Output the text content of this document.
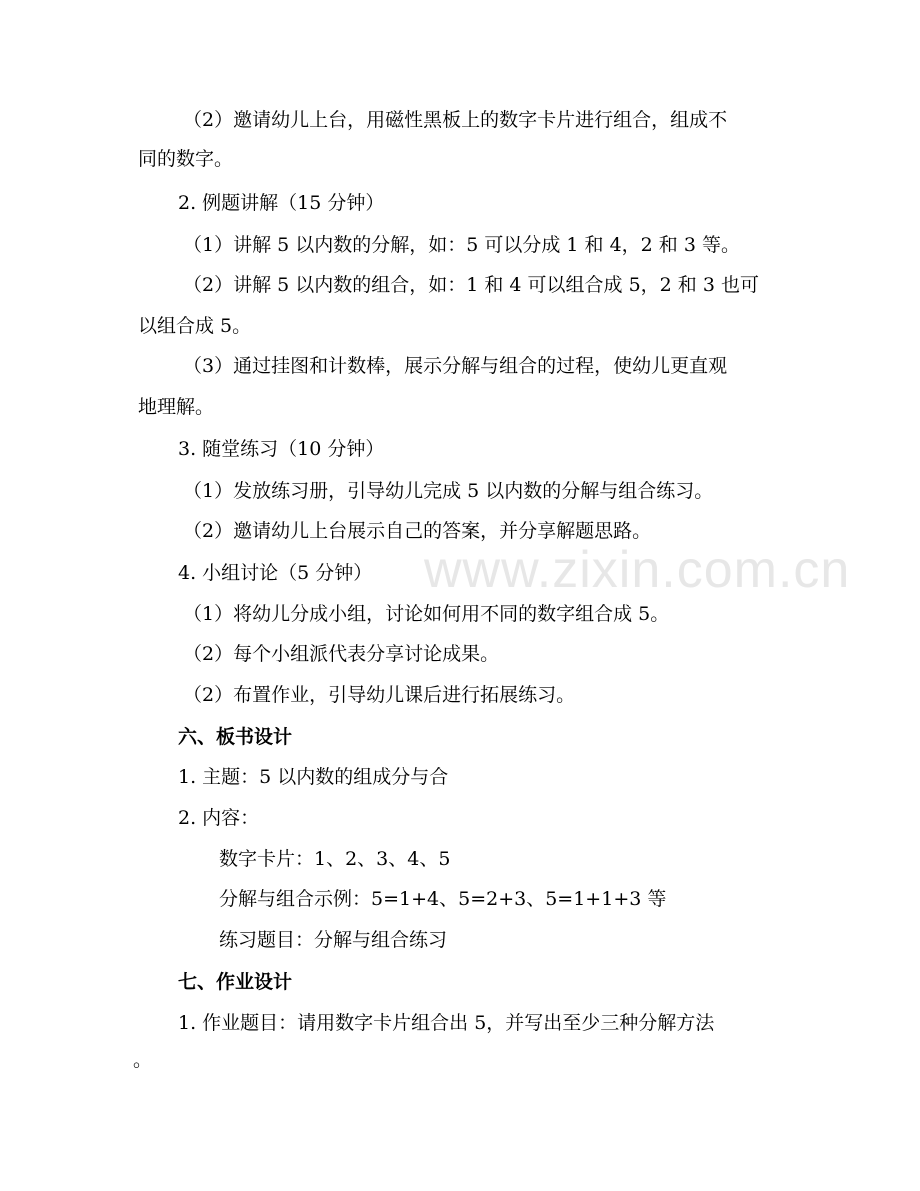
www.zixin.com.cn
（2）邀请幼儿上台，用磁性黑板上的数字卡片进行组合，组成不
同的数字。
2. 例题讲解（15 分钟）
（1）讲解 5 以内数的分解，如：5 可以分成 1 和 4，2 和 3 等。
（2）讲解 5 以内数的组合，如：1 和 4 可以组合成 5，2 和 3 也可
以组合成 5。
（3）通过挂图和计数棒，展示分解与组合的过程，使幼儿更直观
地理解。
3. 随堂练习（10 分钟）
（1）发放练习册，引导幼儿完成 5 以内数的分解与组合练习。
（2）邀请幼儿上台展示自己的答案，并分享解题思路。
4. 小组讨论（5 分钟）
（1）将幼儿分成小组，讨论如何用不同的数字组合成 5。
（2）每个小组派代表分享讨论成果。
（2）布置作业，引导幼儿课后进行拓展练习。
六、板书设计
1. 主题：5 以内数的组成分与合
2. 内容：
数字卡片：1、2、3、4、5
分解与组合示例：5=1+4、5=2+3、5=1+1+3 等
练习题目：分解与组合练习
七、作业设计
1. 作业题目：请用数字卡片组合出 5，并写出至少三种分解方法
。
